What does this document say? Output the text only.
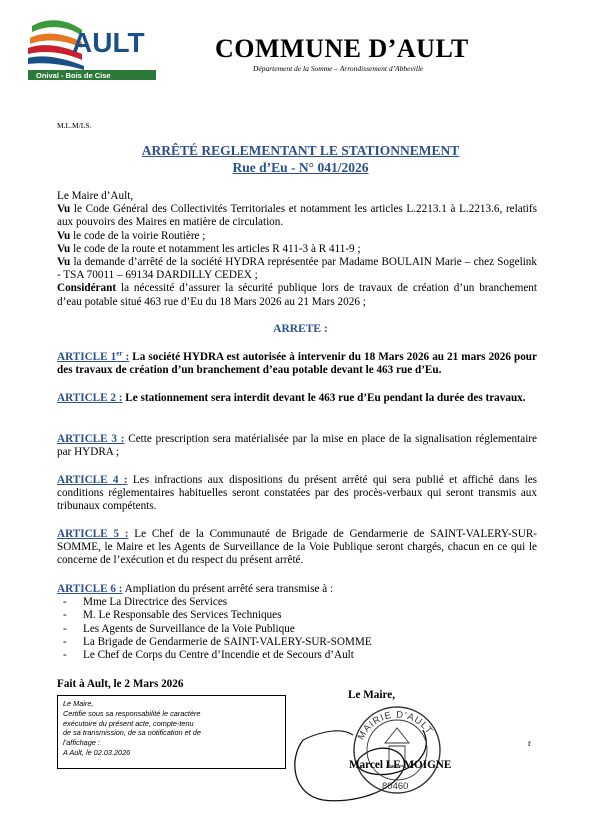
AULT
Onival - Bois de Cise
COMMUNE D’AULT
Département de la Somme – Arrondissement d’Abbeville
M.L.M/LS.
ARRÊTÉ REGLEMENTANT LE STATIONNEMENT
Rue d’Eu - N° 041/2026
Le Maire d’Ault,
Vu le Code Général des Collectivités Territoriales et notamment les articles L.2213.1 à L.2213.6, relatifs aux pouvoirs des Maires en matière de circulation.
Vu le code de la voirie Routière ;
Vu le code de la route et notamment les articles R 411-3 à R 411-9 ;
Vu la demande d’arrêté de la société HYDRA représentée par Madame BOULAIN Marie – chez Sogelink - TSA 70011 – 69134 DARDILLY CEDEX ;
Considérant la nécessité d’assurer la sécurité publique lors de travaux de création d’un branchement d’eau potable situé 463 rue d’Eu du 18 Mars 2026 au 21 Mars 2026 ;
ARRETE :
ARTICLE 1er : La société HYDRA est autorisée à intervenir du 18 Mars 2026 au 21 mars 2026 pour des travaux de création d’un branchement d’eau potable devant le 463 rue d’Eu.
ARTICLE 2 : Le stationnement sera interdit devant le 463 rue d’Eu pendant la durée des travaux.
ARTICLE 3 : Cette prescription sera matérialisée par la mise en place de la signalisation réglementaire par HYDRA ;
ARTICLE 4 : Les infractions aux dispositions du présent arrêté qui sera publié et affiché dans les conditions réglementaires habituelles seront constatées par des procès-verbaux qui seront transmis aux tribunaux compétents.
ARTICLE 5 : Le Chef de la Communauté de Brigade de Gendarmerie de SAINT-VALERY-SUR-SOMME, le Maire et les Agents de Surveillance de la Voie Publique seront chargés, chacun en ce qui le concerne de l’exécution et du respect du présent arrêté.
ARTICLE 6 : Ampliation du présent arrêté sera transmise à :
- Mme La Directrice des Services
- M. Le Responsable des Services Techniques
- Les Agents de Surveillance de la Voie Publique
- La Brigade de Gendarmerie de SAINT-VALERY-SUR-SOMME
- Le Chef de Corps du Centre d’Incendie et de Secours d’Ault
Fait à Ault, le 2 Mars 2026
Le Maire,
Certifie sous sa responsabilité le caractère
exécutoire du présent acte, compte-tenu
de sa transmission, de sa notification et de
l’affichage :
A Ault, le 02.03.2026
Le Maire,
MAIRIE D'AULT
80460
Marcel LE MOIGNE
r
